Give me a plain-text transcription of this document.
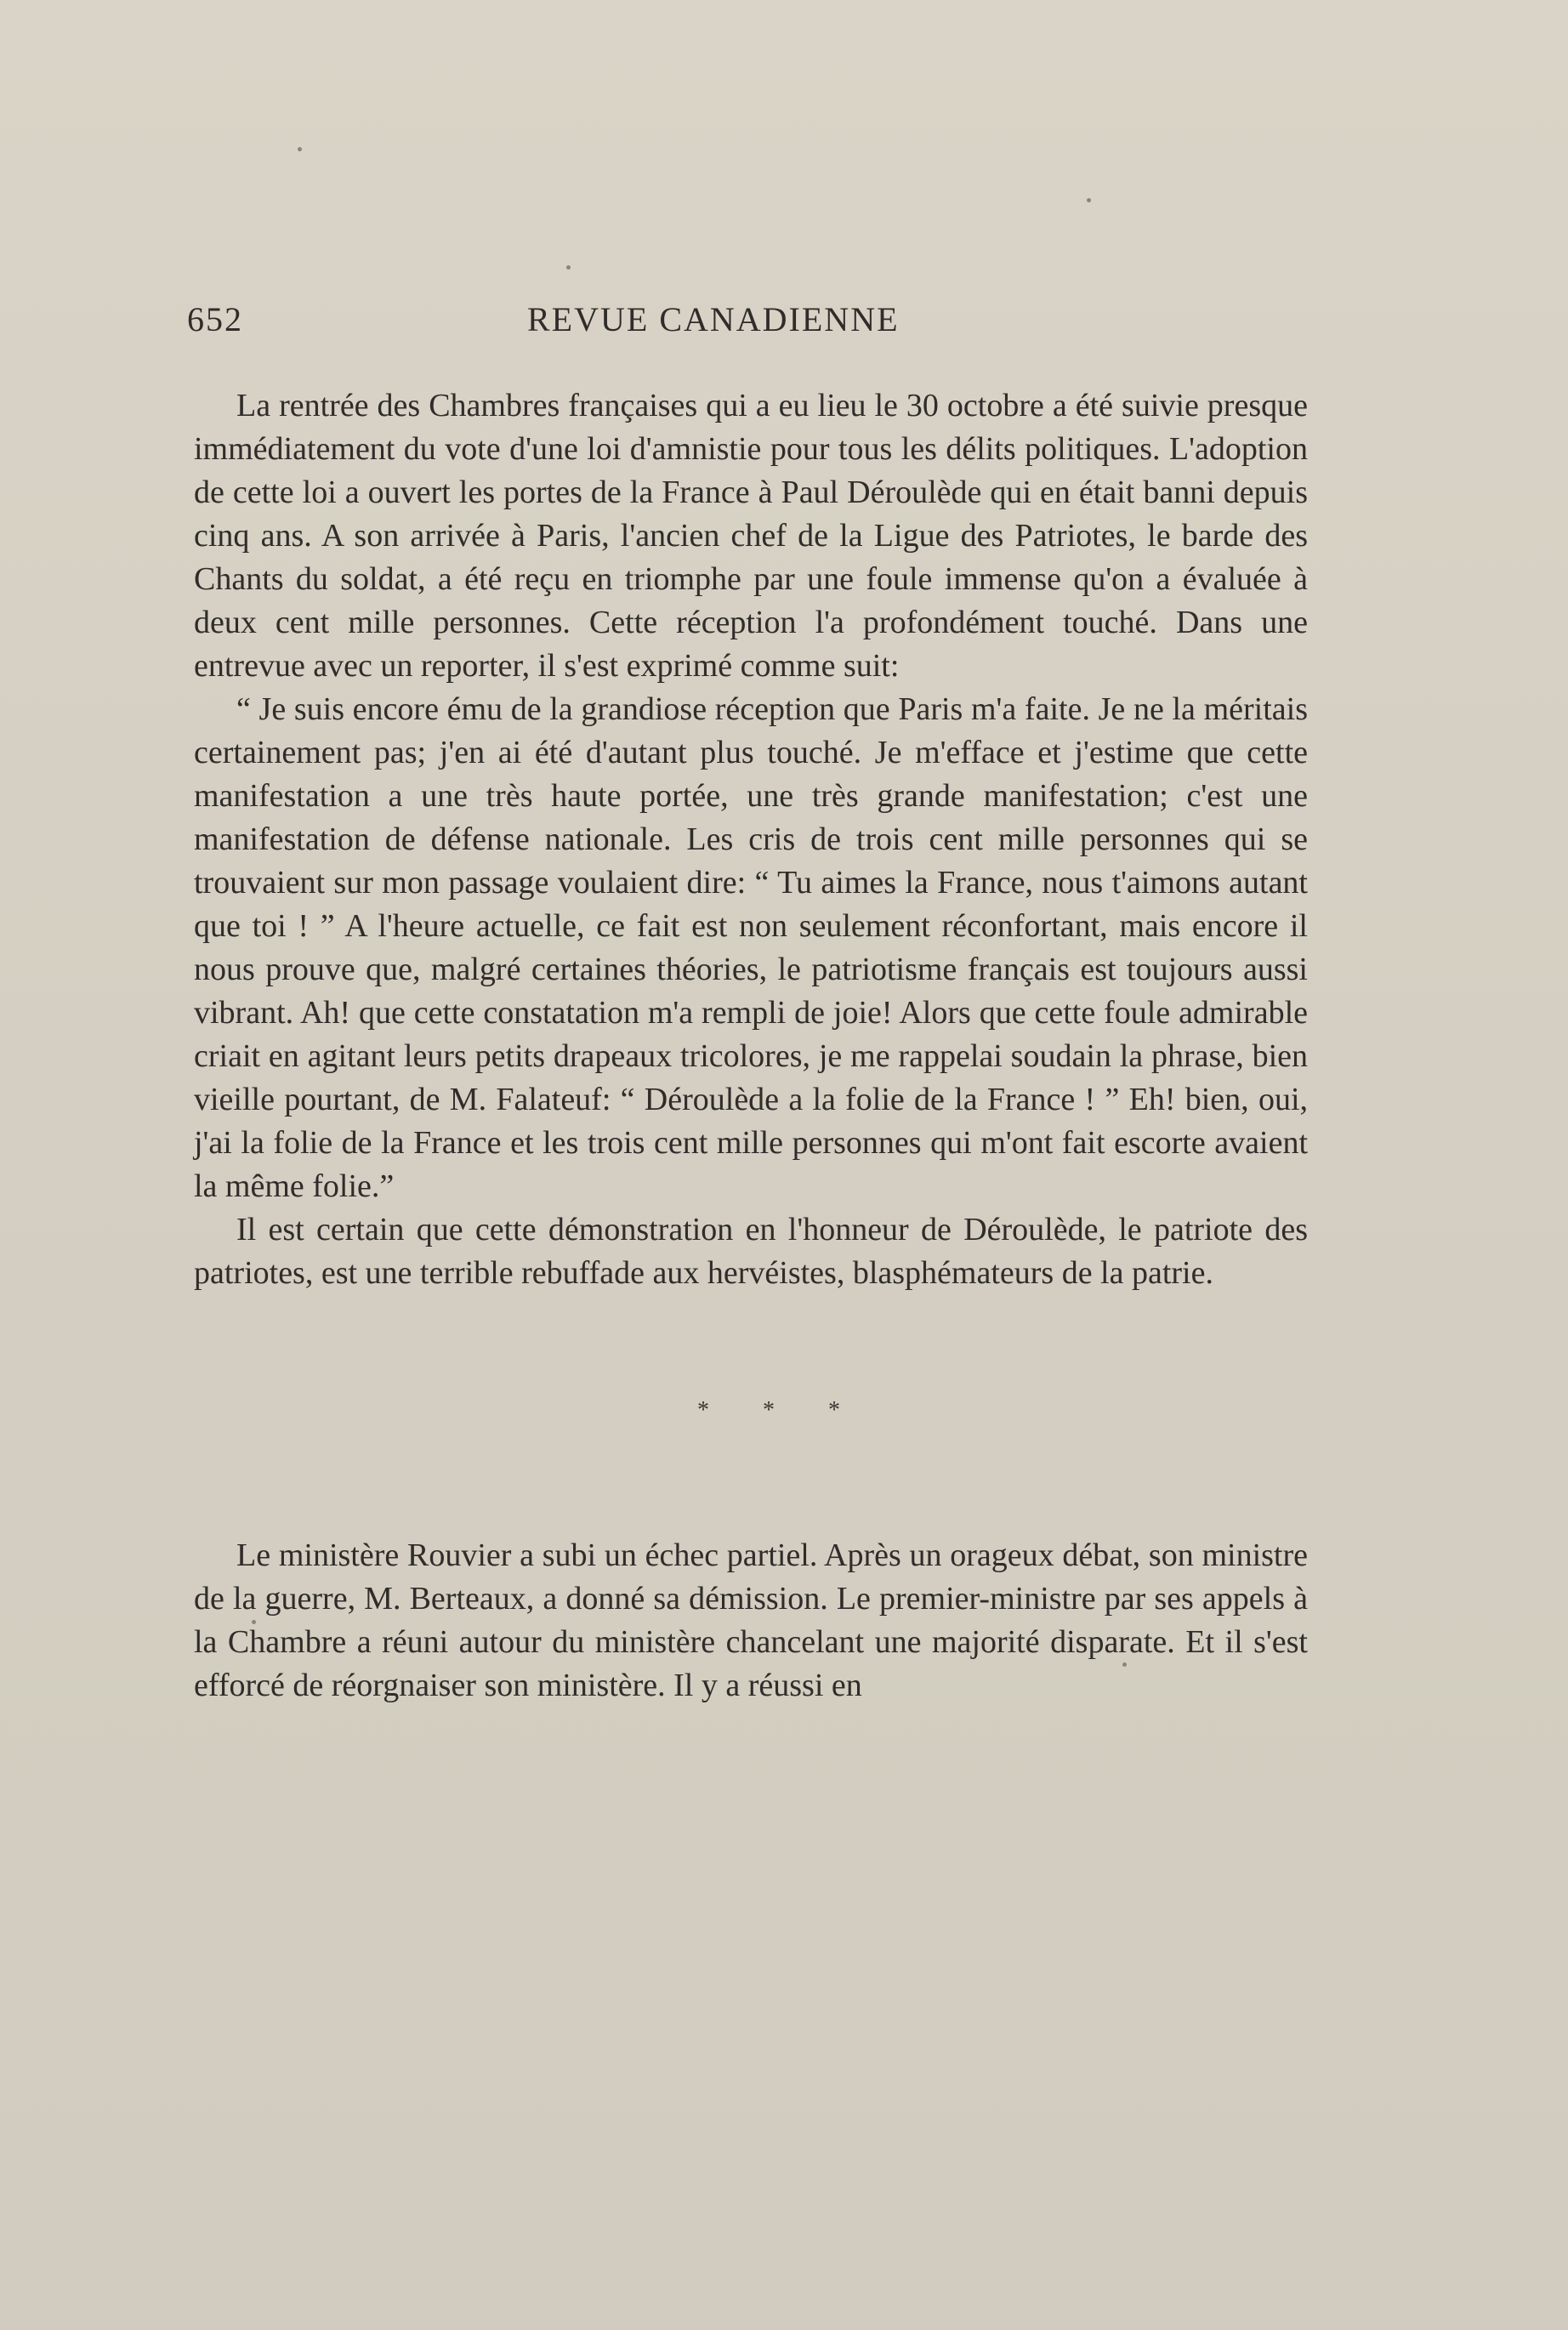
652	REVUE CANADIENNE

La rentrée des Chambres françaises qui a eu lieu le 30 octobre a été suivie presque immédiatement du vote d'une loi d'amnistie pour tous les délits politiques. L'adoption de cette loi a ouvert les portes de la France à Paul Déroulède qui en était banni depuis cinq ans. A son arrivée à Paris, l'ancien chef de la Ligue des Patriotes, le barde des Chants du soldat, a été reçu en triomphe par une foule immense qu'on a évaluée à deux cent mille personnes. Cette réception l'a profondément touché. Dans une entrevue avec un reporter, il s'est exprimé comme suit:

“ Je suis encore ému de la grandiose réception que Paris m'a faite. Je ne la méritais certainement pas; j'en ai été d'autant plus touché. Je m'efface et j'estime que cette manifestation a une très haute portée, une très grande manifestation; c'est une manifestation de défense nationale. Les cris de trois cent mille personnes qui se trouvaient sur mon passage voulaient dire: “ Tu aimes la France, nous t'aimons autant que toi ! ” A l'heure actuelle, ce fait est non seulement réconfortant, mais encore il nous prouve que, malgré certaines théories, le patriotisme français est toujours aussi vibrant. Ah! que cette constatation m'a rempli de joie! Alors que cette foule admirable criait en agitant leurs petits drapeaux tricolores, je me rappelai soudain la phrase, bien vieille pourtant, de M. Falateuf: “ Déroulède a la folie de la France ! ” Eh! bien, oui, j'ai la folie de la France et les trois cent mille personnes qui m'ont fait escorte avaient la même folie.”

Il est certain que cette démonstration en l'honneur de Déroulède, le patriote des patriotes, est une terrible rebuffade aux hervéistes, blasphémateurs de la patrie.

* * *

Le ministère Rouvier a subi un échec partiel. Après un orageux débat, son ministre de la guerre, M. Berteaux, a donné sa démission. Le premier-ministre par ses appels à la Chambre a réuni autour du ministère chancelant une majorité disparate. Et il s'est efforcé de réorgnaiser son ministère. Il y a réussi en
